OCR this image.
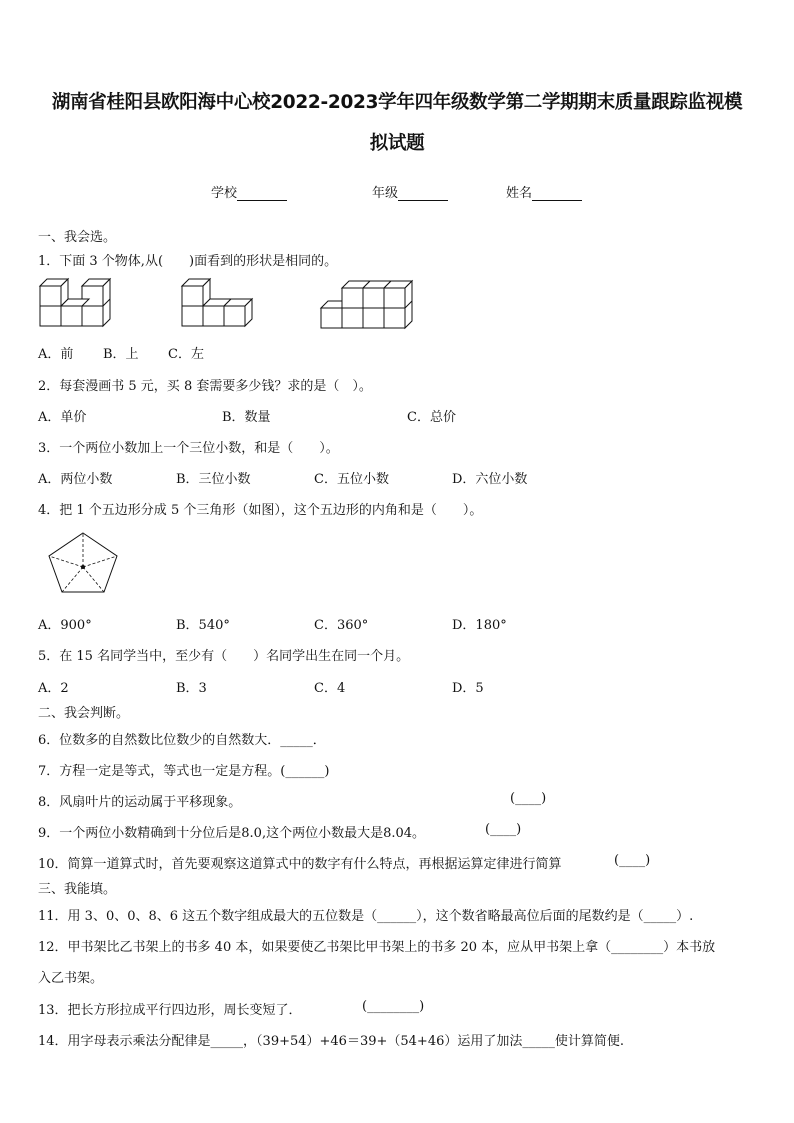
湖南省桂阳县欧阳海中心校2022-2023学年四年级数学第二学期期末质量跟踪监视模
拟试题
学校	年级	姓名
一、我会选。
1．下面 3 个物体,从(　　)面看到的形状是相同的。
A．前 B．上 C．左
2．每套漫画书 5 元，买 8 套需要多少钱？求的是（　）。
A．单价	B．数量	C．总价
3．一个两位小数加上一个三位小数，和是（　　）。
A．两位小数	B．三位小数	C．五位小数	D．六位小数
4．把 1 个五边形分成 5 个三角形（如图），这个五边形的内角和是（　　）。
A．900°	B．540°	C．360°	D．180°
5．在 15 名同学当中，至少有（　　）名同学出生在同一个月。
A．2	B．3	C．4	D．5
二、我会判断。
6．位数多的自然数比位数少的自然数大．_____．
7．方程一定是等式，等式也一定是方程。(______)
8．风扇叶片的运动属于平移现象。	(____)
9．一个两位小数精确到十分位后是8.0,这个两位小数最大是8.04。	(____)
10．简算一道算式时，首先要观察这道算式中的数字有什么特点，再根据运算定律进行简算	(____)
三、我能填。
11．用 3、0、0、8、6 这五个数字组成最大的五位数是（______），这个数省略最高位后面的尾数约是（_____）.
12．甲书架比乙书架上的书多 40 本，如果要使乙书架比甲书架上的书多 20 本，应从甲书架上拿（________）本书放
入乙书架。
13．把长方形拉成平行四边形，周长变短了．	(________)
14．用字母表示乘法分配律是_____，（39+54）+46＝39+（54+46）运用了加法_____使计算简便.
